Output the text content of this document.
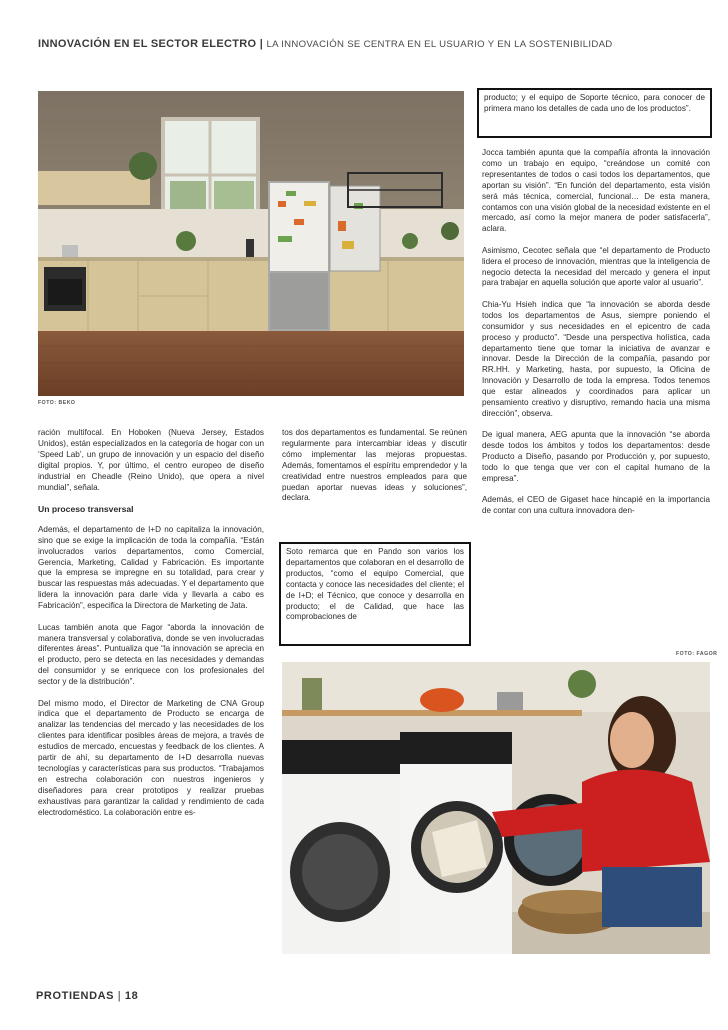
INNOVACIÓN EN EL SECTOR ELECTRO | LA INNOVACIÓN SE CENTRA EN EL USUARIO Y EN LA SOSTENIBILIDAD
FOTO: BEKO

ración multifocal. En Hoboken (Nueva Jersey, Estados Unidos), están especializados en la categoría de hogar con un ‘Speed Lab’, un grupo de innovación y un espacio del diseño digital propios. Y, por último, el centro europeo de diseño industrial en Cheadle (Reino Unido), que opera a nivel mundial”, señala.

Un proceso transversal

Además, el departamento de I+D no capitaliza la innovación, sino que se exige la implicación de toda la compañía. “Están involucrados varios departamentos, como Comercial, Gerencia, Marketing, Calidad y Fabricación. Es importante que la empresa se impregne en su totalidad, para crear y buscar las respuestas más adecuadas. Y el departamento que lidera la innovación para darle vida y llevarla a cabo es Fabricación”, especifica la Directora de Marketing de Jata.

Lucas también anota que Fagor “aborda la innovación de manera transversal y colaborativa, donde se ven involucradas diferentes áreas”. Puntualiza que “la innovación se aprecia en el producto, pero se detecta en las necesidades y demandas del consumidor y se enriquece con los profesionales del sector y de la distribución”.

Del mismo modo, el Director de Marketing de CNA Group indica que el departamento de Producto se encarga de analizar las tendencias del mercado y las necesidades de los clientes para identificar posibles áreas de mejora, a través de estudios de mercado, encuestas y feedback de los clientes. A partir de ahí, su departamento de I+D desarrolla nuevas tecnologías y características para sus productos. “Trabajamos en estrecha colaboración con nuestros ingenieros y diseñadores para crear prototipos y realizar pruebas exhaustivas para garantizar la calidad y rendimiento de cada electrodoméstico. La colaboración entre es-

tos dos departamentos es fundamental. Se reúnen regularmente para intercambiar ideas y discutir cómo implementar las mejoras propuestas. Además, fomentamos el espíritu emprendedor y la creatividad entre nuestros empleados para que puedan aportar nuevas ideas y soluciones”, declara.

Soto remarca que en Pando son varios los departamentos que colaboran en el desarrollo de productos, “como el equipo Comercial, que contacta y conoce las necesidades del cliente; el de I+D; el Técnico, que conoce y desarrolla en producto; el de Calidad, que hace las comprobaciones de
producto; y el equipo de Soporte técnico, para conocer de primera mano los detalles de cada uno de los productos”.

Jocca también apunta que la compañía afronta la innovación como un trabajo en equipo, “creándose un comité con representantes de todos o casi todos los departamentos, que aportan su visión”. “En función del departamento, esta visión será más técnica, comercial, funcional… De esta manera, contamos con una visión global de la necesidad existente en el mercado, así como la mejor manera de poder satisfacerla”, aclara.

Asimismo, Cecotec señala que “el departamento de Producto lidera el proceso de innovación, mientras que la inteligencia de negocio detecta la necesidad del mercado y genera el input para trabajar en aquella solución que aporte valor al usuario”.

Chia-Yu Hsieh indica que “la innovación se aborda desde todos los departamentos de Asus, siempre poniendo el consumidor y sus necesidades en el epicentro de cada proceso y producto”. “Desde una perspectiva holística, cada departamento tiene que tomar la iniciativa de avanzar e innovar. Desde la Dirección de la compañía, pasando por RR.HH. y Marketing, hasta, por supuesto, la Oficina de Innovación y Desarrollo de toda la empresa. Todos tenemos que estar alineados y coordinados para aplicar un pensamiento creativo y disruptivo, remando hacia una misma dirección”, observa.

De igual manera, AEG apunta que la innovación “se aborda desde todos los ámbitos y todos los departamentos: desde Producto a Diseño, pasando por Producción y, por supuesto, todo lo que tenga que ver con el capital humano de la empresa”.

Además, el CEO de Gigaset hace hincapié en la importancia de contar con una cultura innovadora den-

FOTO: FAGOR
PROTIENDAS | 18
